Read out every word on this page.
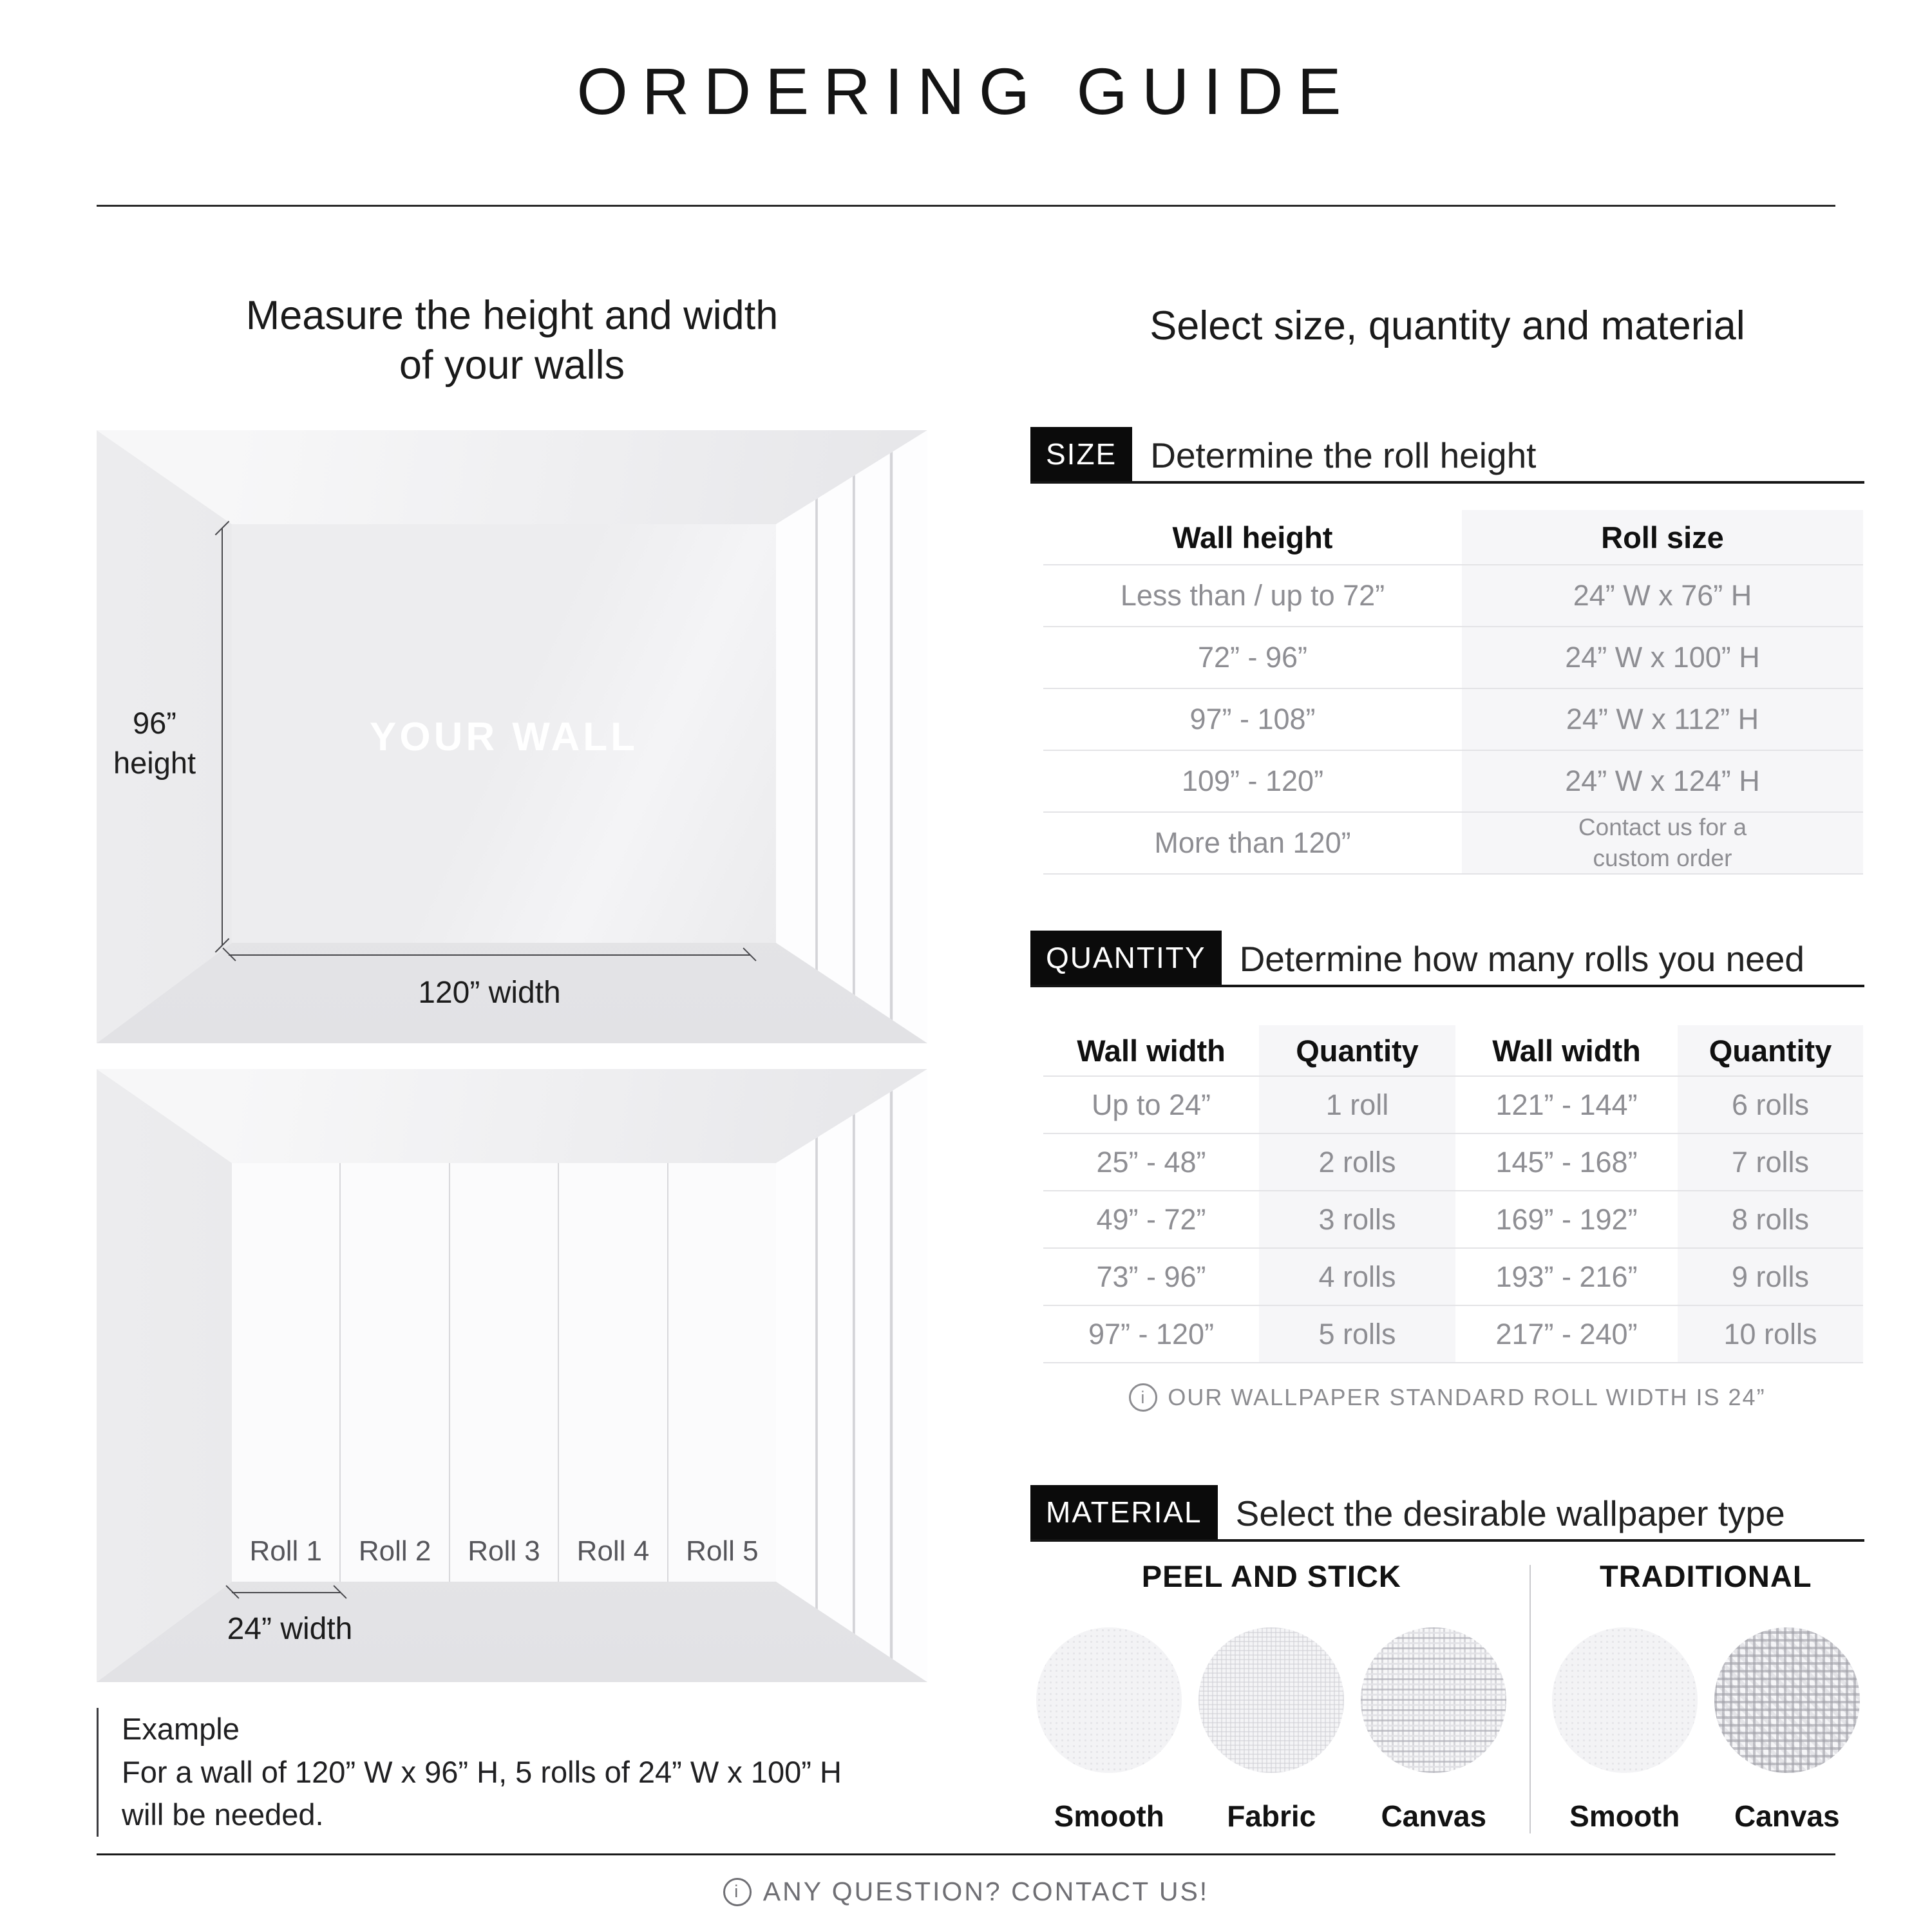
ORDERING GUIDE
Measure the height and width
of your walls
Select size, quantity and material
YOUR WALL
96”
height
120” width
Roll 1 Roll 2 Roll 3 Roll 4 Roll 5
24” width
Example
For a wall of 120” W x 96” H, 5 rolls of 24” W x 100” H
will be needed.
SIZE Determine the roll height
Wall height	Roll size
Less than / up to 72”	24” W x 76” H
72” - 96”	24” W x 100” H
97” - 108”	24” W x 112” H
109” - 120”	24” W x 124” H
More than 120”	Contact us for a custom order
QUANTITY Determine how many rolls you need
Wall width	Quantity	Wall width	Quantity
Up to 24”	1 roll	121” - 144”	6 rolls
25” - 48”	2 rolls	145” - 168”	7 rolls
49” - 72”	3 rolls	169” - 192”	8 rolls
73” - 96”	4 rolls	193” - 216”	9 rolls
97” - 120”	5 rolls	217” - 240”	10 rolls
i
OUR WALLPAPER STANDARD ROLL WIDTH IS 24”
MATERIAL Select the desirable wallpaper type
PEEL AND STICK
Smooth Fabric Canvas
TRADITIONAL
Smooth Canvas
i
ANY QUESTION? CONTACT US!
